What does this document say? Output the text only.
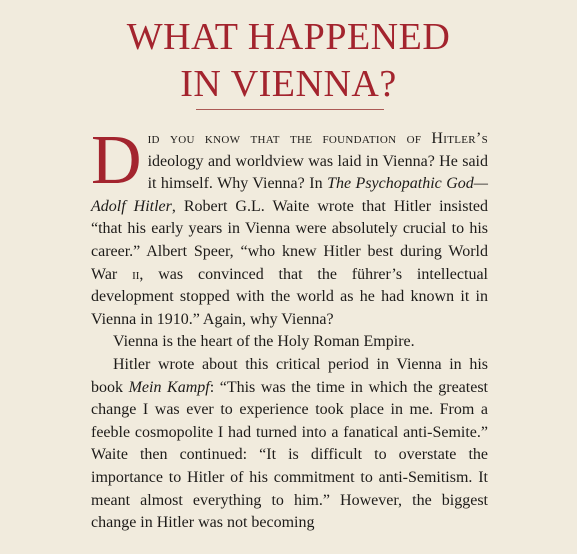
WHAT HAPPENED
IN VIENNA?

Did you know that the foundation of Hitler’s ideology and worldview was laid in Vienna? He said it himself. Why Vienna? In The Psychopathic God—Adolf Hitler, Robert G.L. Waite wrote that Hitler insisted “that his early years in Vienna were absolutely crucial to his career.” Albert Speer, “who knew Hitler best during World War ii, was convinced that the führer’s intellectual development stopped with the world as he had known it in Vienna in 1910.” Again, why Vienna?

Vienna is the heart of the Holy Roman Empire.

Hitler wrote about this critical period in Vienna in his book Mein Kampf: “This was the time in which the greatest change I was ever to experience took place in me. From a feeble cosmopolite I had turned into a fanatical anti-Semite.” Waite then continued: “It is difficult to overstate the importance to Hitler of his commitment to anti-Semitism. It meant almost everything to him.” However, the biggest change in Hitler was not becoming
